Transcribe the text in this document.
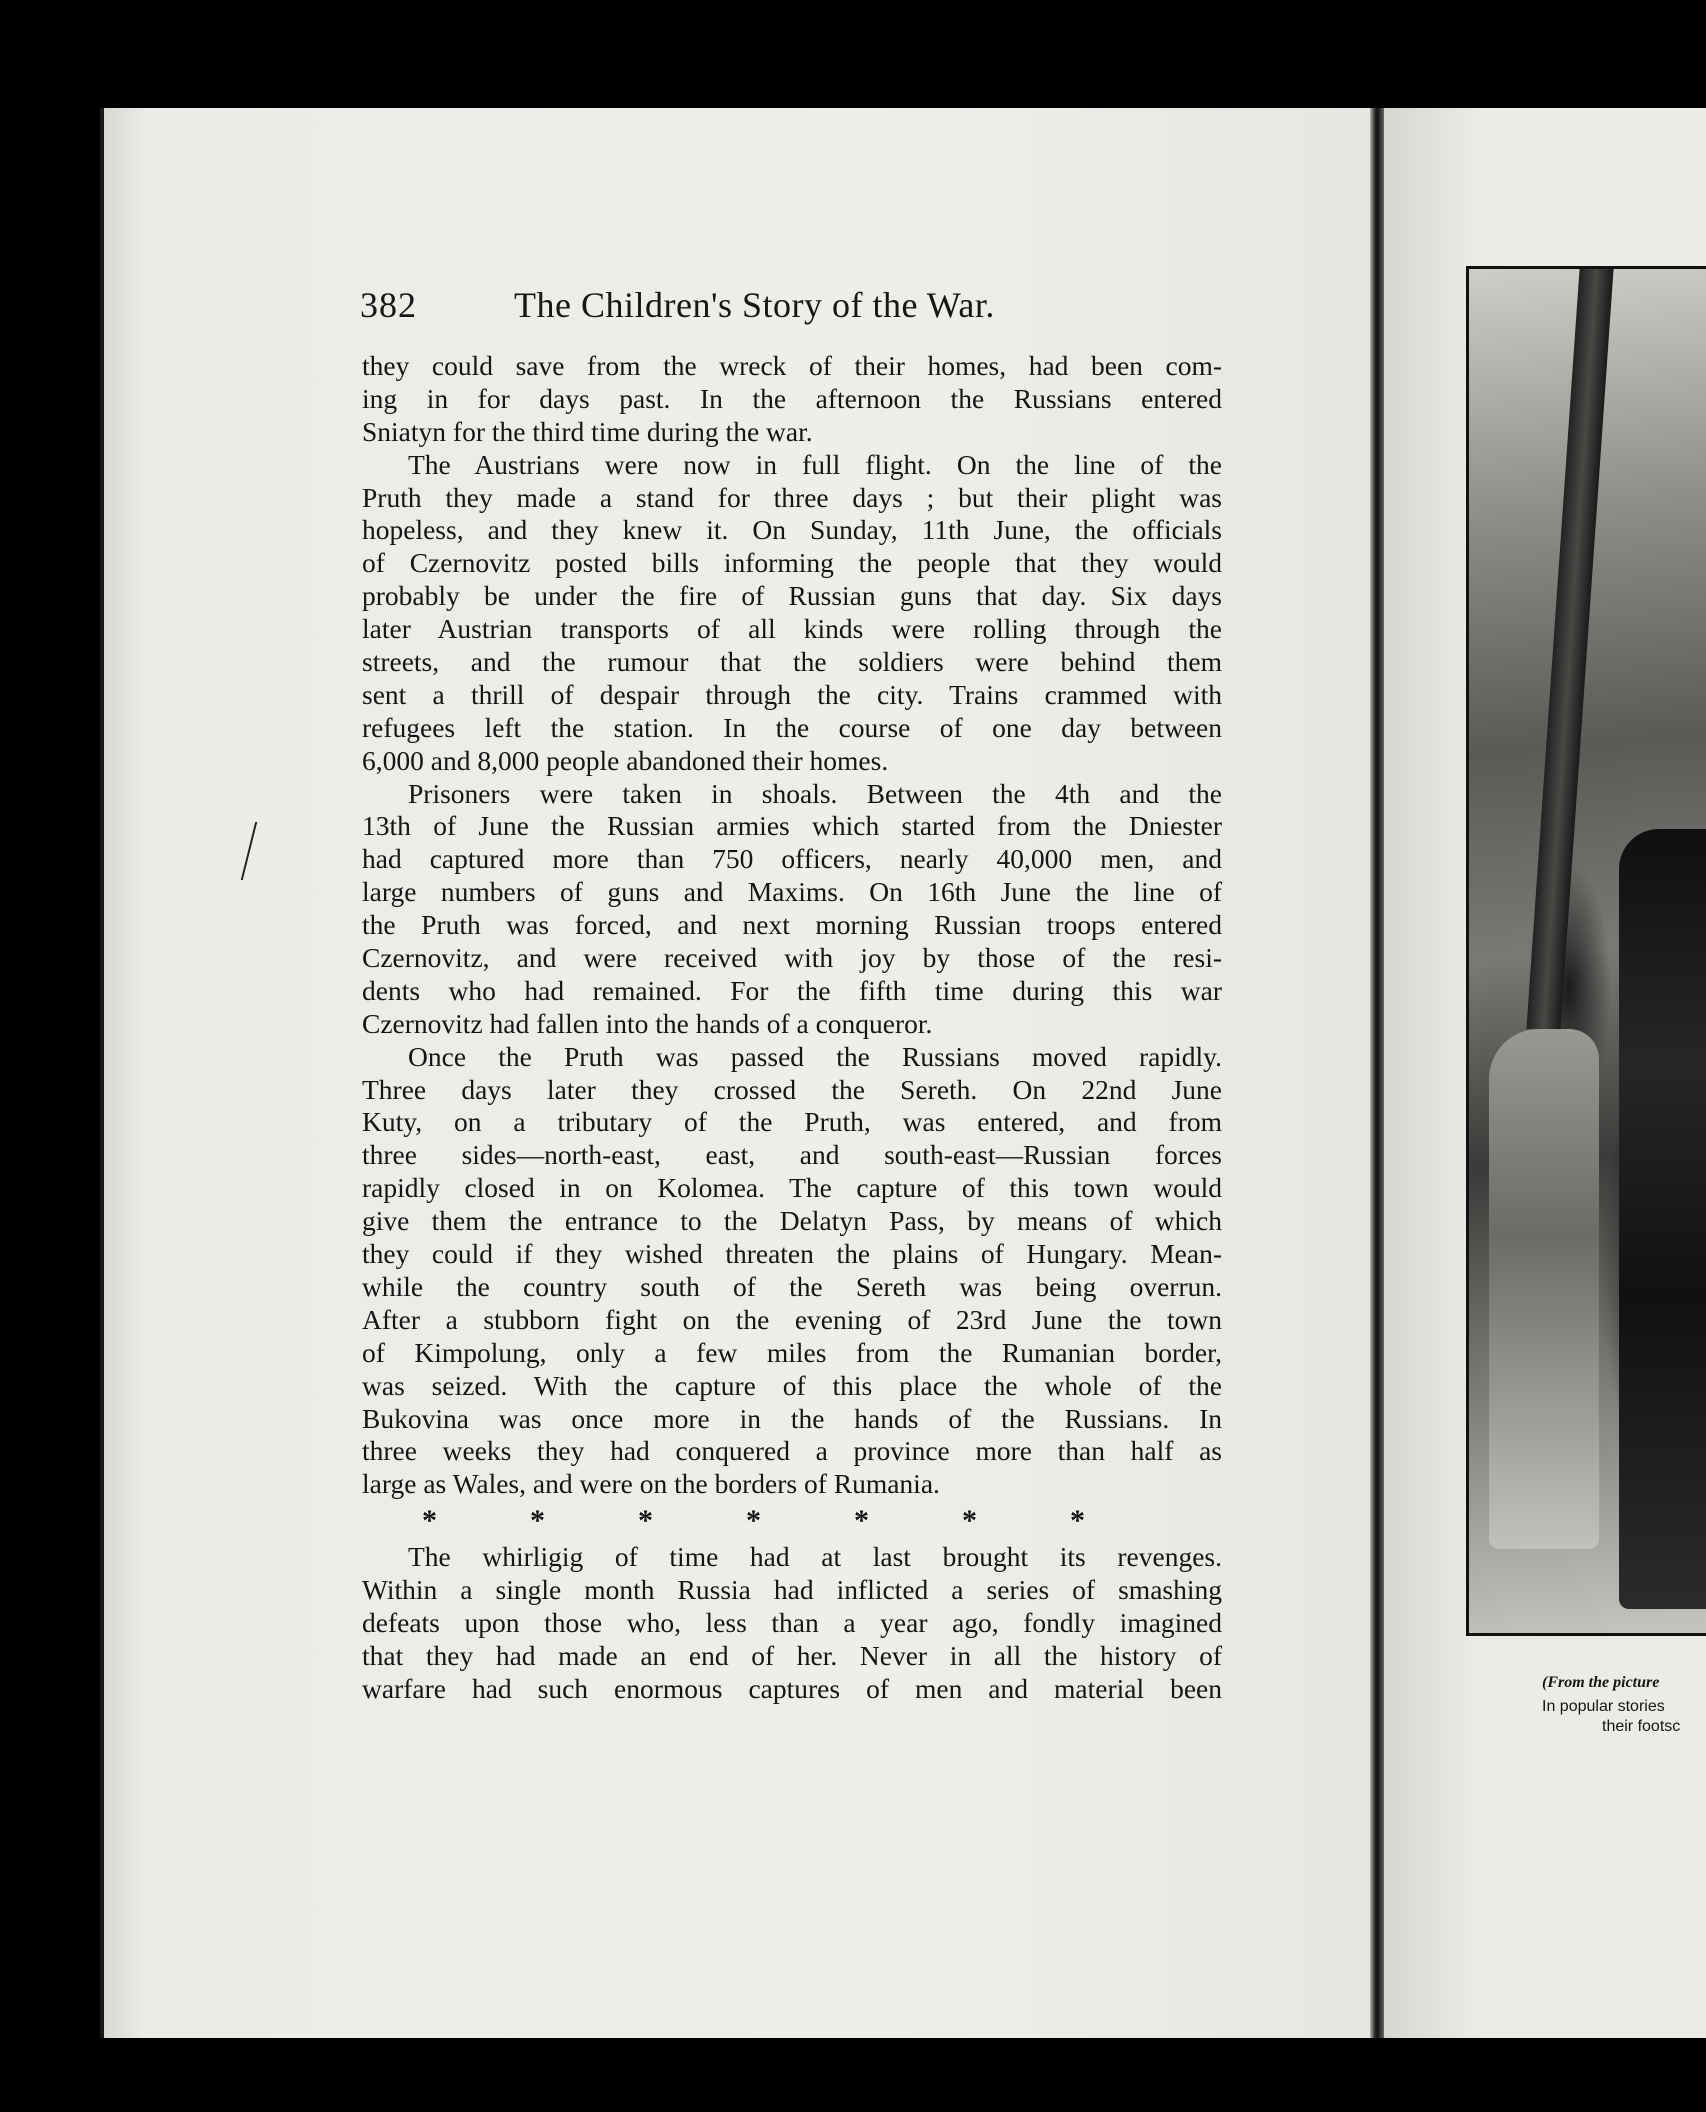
382	The Children's Story of the War.
they could save from the wreck of their homes, had been com-
ing in for days past. In the afternoon the Russians entered
Sniatyn for the third time during the war.
The Austrians were now in full flight. On the line of the
Pruth they made a stand for three days ; but their plight was
hopeless, and they knew it. On Sunday, 11th June, the officials
of Czernovitz posted bills informing the people that they would
probably be under the fire of Russian guns that day. Six days
later Austrian transports of all kinds were rolling through the
streets, and the rumour that the soldiers were behind them
sent a thrill of despair through the city. Trains crammed with
refugees left the station. In the course of one day between
6,000 and 8,000 people abandoned their homes.
Prisoners were taken in shoals. Between the 4th and the
13th of June the Russian armies which started from the Dniester
had captured more than 750 officers, nearly 40,000 men, and
large numbers of guns and Maxims. On 16th June the line of
the Pruth was forced, and next morning Russian troops entered
Czernovitz, and were received with joy by those of the resi-
dents who had remained. For the fifth time during this war
Czernovitz had fallen into the hands of a conqueror.
Once the Pruth was passed the Russians moved rapidly.
Three days later they crossed the Sereth. On 22nd June
Kuty, on a tributary of the Pruth, was entered, and from
three sides—north-east, east, and south-east—Russian forces
rapidly closed in on Kolomea. The capture of this town would
give them the entrance to the Delatyn Pass, by means of which
they could if they wished threaten the plains of Hungary. Mean-
while the country south of the Sereth was being overrun.
After a stubborn fight on the evening of 23rd June the town
of Kimpolung, only a few miles from the Rumanian border,
was seized. With the capture of this place the whole of the
Bukovina was once more in the hands of the Russians. In
three weeks they had conquered a province more than half as
large as Wales, and were on the borders of Rumania.
*	*	*	*	*	*	*
The whirligig of time had at last brought its revenges.
Within a single month Russia had inflicted a series of smashing
defeats upon those who, less than a year ago, fondly imagined
that they had made an end of her. Never in all the history of
warfare had such enormous captures of men and material been	(From the picture
In popular stories
their footsc
